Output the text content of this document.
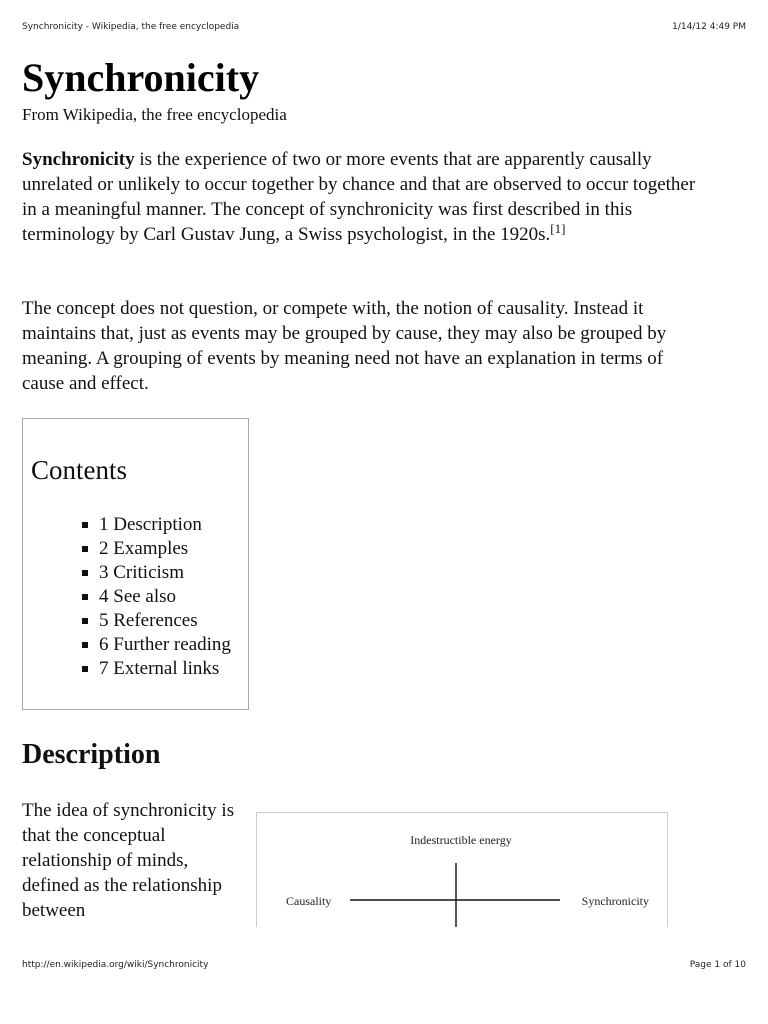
Synchronicity - Wikipedia, the free encyclopedia	1/14/12 4:49 PM
Synchronicity

From Wikipedia, the free encyclopedia

Synchronicity is the experience of two or more events that are apparently causally unrelated or unlikely to occur together by chance and that are observed to occur together in a meaningful manner. The concept of synchronicity was first described in this terminology by Carl Gustav Jung, a Swiss psychologist, in the 1920s.[1]

The concept does not question, or compete with, the notion of causality. Instead it maintains that, just as events may be grouped by cause, they may also be grouped by meaning. A grouping of events by meaning need not have an explanation in terms of cause and effect.

Contents
1 Description
2 Examples
3 Criticism
4 See also
5 References
6 Further reading
7 External links
Description

The idea of synchronicity is that the conceptual relationship of minds, defined as the relationship between

Indestructible energy
Causality	Synchronicity
http://en.wikipedia.org/wiki/Synchronicity	Page 1 of 10
